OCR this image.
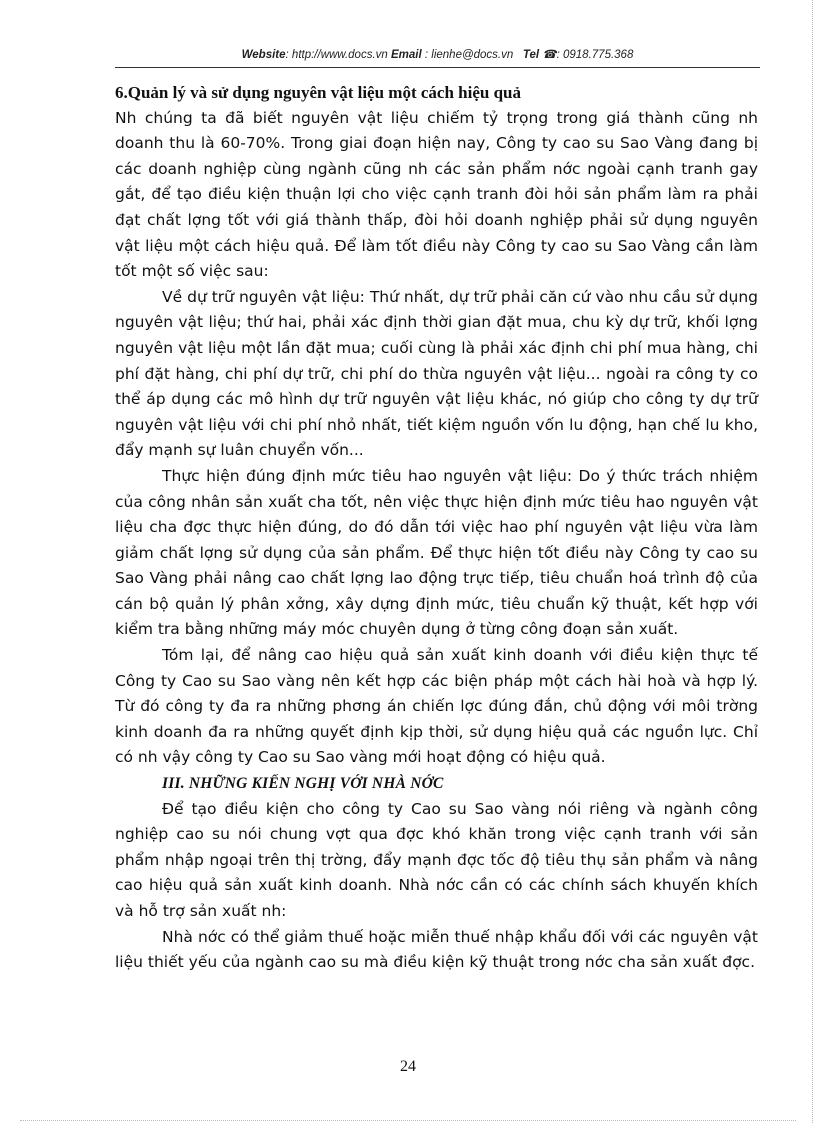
Website: http://www.docs.vn Email : lienhe@docs.vn Tel ☎: 0918.775.368

6.Quản lý và sử dụng nguyên vật liệu một cách hiệu quả

Nh chúng ta đã biết nguyên vật liệu chiếm tỷ trọng trong giá thành cũng nh doanh thu là 60-70%. Trong giai đoạn hiện nay, Công ty cao su Sao Vàng đang bị các doanh nghiệp cùng ngành cũng nh các sản phẩm nớc ngoài cạnh tranh gay gắt, để tạo điều kiện thuận lợi cho việc cạnh tranh đòi hỏi sản phẩm làm ra phải đạt chất lợng tốt với giá thành thấp, đòi hỏi doanh nghiệp phải sử dụng nguyên vật liệu một cách hiệu quả. Để làm tốt điều này Công ty cao su Sao Vàng cần làm tốt một số việc sau:

Về dự trữ nguyên vật liệu: Thứ nhất, dự trữ phải căn cứ vào nhu cầu sử dụng nguyên vật liệu; thứ hai, phải xác định thời gian đặt mua, chu kỳ dự trữ, khối lợng nguyên vật liệu một lần đặt mua; cuối cùng là phải xác định chi phí mua hàng, chi phí đặt hàng, chi phí dự trữ, chi phí do thừa nguyên vật liệu... ngoài ra công ty co thể áp dụng các mô hình dự trữ nguyên vật liệu khác, nó giúp cho công ty dự trữ nguyên vật liệu với chi phí nhỏ nhất, tiết kiệm nguồn vốn lu động, hạn chế lu kho, đẩy mạnh sự luân chuyển vốn...

Thực hiện đúng định mức tiêu hao nguyên vật liệu: Do ý thức trách nhiệm của công nhân sản xuất cha tốt, nên việc thực hiện định mức tiêu hao nguyên vật liệu cha đợc thực hiện đúng, do đó dẫn tới việc hao phí nguyên vật liệu vừa làm giảm chất lợng sử dụng của sản phẩm. Để thực hiện tốt điều này Công ty cao su Sao Vàng phải nâng cao chất lợng lao động trực tiếp, tiêu chuẩn hoá trình độ của cán bộ quản lý phân xởng, xây dựng định mức, tiêu chuẩn kỹ thuật, kết hợp với kiểm tra bằng những máy móc chuyên dụng ở từng công đoạn sản xuất.

Tóm lại, để nâng cao hiệu quả sản xuất kinh doanh với điều kiện thực tế Công ty Cao su Sao vàng nên kết hợp các biện pháp một cách hài hoà và hợp lý. Từ đó công ty đa ra những phơng án chiến lợc đúng đắn, chủ động với môi trờng kinh doanh đa ra những quyết định kịp thời, sử dụng hiệu quả các nguồn lực. Chỉ có nh vậy công ty Cao su Sao vàng mới hoạt động có hiệu quả.

III. NHỮNG KIẾN NGHỊ VỚI NHÀ NỚC

Để tạo điều kiện cho công ty Cao su Sao vàng nói riêng và ngành công nghiệp cao su nói chung vợt qua đợc khó khăn trong việc cạnh tranh với sản phẩm nhập ngoại trên thị trờng, đẩy mạnh đợc tốc độ tiêu thụ sản phẩm và nâng cao hiệu quả sản xuất kinh doanh. Nhà nớc cần có các chính sách khuyến khích và hỗ trợ sản xuất nh:

Nhà nớc có thể giảm thuế hoặc miễn thuế nhập khẩu đối với các nguyên vật liệu thiết yếu của ngành cao su mà điều kiện kỹ thuật trong nớc cha sản xuất đợc.

24
